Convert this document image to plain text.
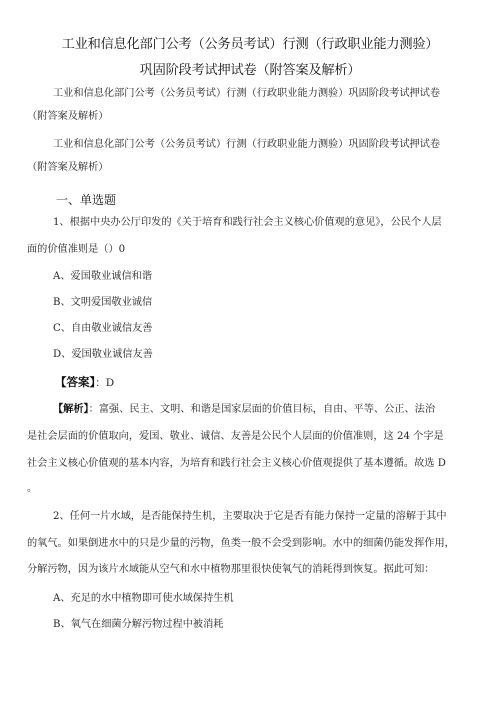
工业和信息化部门公考（公务员考试）行测（行政职业能力测验）
巩固阶段考试押试卷（附答案及解析）
工业和信息化部门公考（公务员考试）行测（行政职业能力测验）巩固阶段考试押试卷
（附答案及解析）
工业和信息化部门公考（公务员考试）行测（行政职业能力测验）巩固阶段考试押试卷
（附答案及解析）
一、单选题
1、根据中央办公厅印发的《关于培育和践行社会主义核心价值观的意见》，公民个人层
面的价值准则是（）0
A、爱国敬业诚信和谐
B、文明爱国敬业诚信
C、自由敬业诚信友善
D、爱国敬业诚信友善
【答案】：D
【解析】：富强、民主、文明、和谐是国家层面的价值目标，自由、平等、公正、法治
是社会层面的价值取向，爱国、敬业、诚信、友善是公民个人层面的价值准则，这 24 个字是
社会主义核心价值观的基本内容，为培育和践行社会主义核心价值观提供了基本遵循。故选 D
。
2、任何一片水域，是否能保持生机，主要取决于它是否有能力保持一定量的溶解于其中
的氧气。如果倒进水中的只是少量的污物，鱼类一般不会受到影响。水中的细菌仍能发挥作用，
分解污物，因为该片水域能从空气和水中植物那里很快使氧气的消耗得到恢复。据此可知：
A、充足的水中植物即可使水域保持生机
B、氧气在细菌分解污物过程中被消耗
